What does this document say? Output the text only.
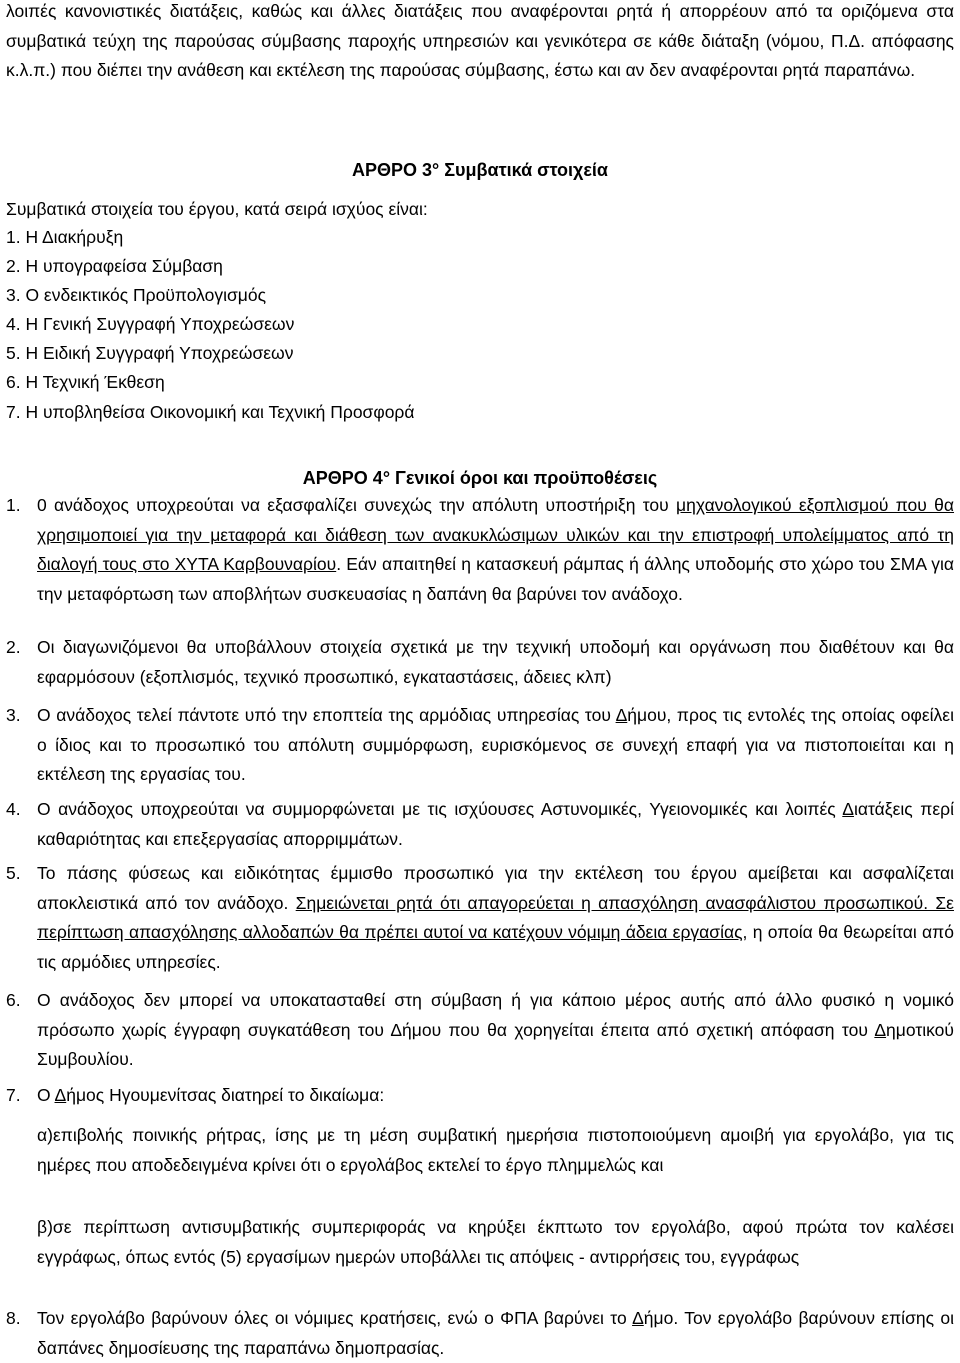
λοιπές κανονιστικές διατάξεις, καθώς και άλλες διατάξεις που αναφέρονται ρητά ή απορρέουν από τα οριζόμενα στα συμβατικά τεύχη της παρούσας σύμβασης παροχής υπηρεσιών και γενικότερα σε κάθε διάταξη (νόμου, Π.Δ. απόφασης κ.λ.π.) που διέπει την ανάθεση και εκτέλεση της παρούσας σύμβασης, έστω και αν δεν αναφέρονται ρητά παραπάνω.

ΑΡΘΡΟ 3° Συμβατικά στοιχεία

Συμβατικά στοιχεία του έργου, κατά σειρά ισχύος είναι:

1. Η Διακήρυξη
2. Η υπογραφείσα Σύμβαση
3. Ο ενδεικτικός Προϋπολογισμός
4. Η Γενική Συγγραφή Υποχρεώσεων
5. Η Ειδική Συγγραφή Υποχρεώσεων
6. Η Τεχνική Έκθεση
7. Η υποβληθείσα Οικονομική και Τεχνική Προσφορά
ΑΡΘΡΟ 4° Γενικοί όροι και προϋποθέσεις
1. 0 ανάδοχος υποχρεούται να εξασφαλίζει συνεχώς την απόλυτη υποστήριξη του μηχανολογικού εξοπλισμού που θα χρησιμοποιεί για την μεταφορά και διάθεση των ανακυκλώσιμων υλικών και την επιστροφή υπολείμματος από τη διαλογή τους στο ΧΥΤΑ Καρβουναρίου. Εάν απαιτηθεί η κατασκευή ράμπας ή άλλης υποδομής στο χώρο του ΣΜΑ για την μεταφόρτωση των αποβλήτων συσκευασίας η δαπάνη θα βαρύνει τον ανάδοχο.
2. Οι διαγωνιζόμενοι θα υποβάλλουν στοιχεία σχετικά με την τεχνική υποδομή και οργάνωση που διαθέτουν και θα εφαρμόσουν (εξοπλισμός, τεχνικό προσωπικό, εγκαταστάσεις, άδειες κλπ)
3. Ο ανάδοχος τελεί πάντοτε υπό την εποπτεία της αρμόδιας υπηρεσίας του Δήμου, προς τις εντολές της οποίας οφείλει ο ίδιος και το προσωπικό του απόλυτη συμμόρφωση, ευρισκόμενος σε συνεχή επαφή για να πιστοποιείται και η εκτέλεση της εργασίας του.
4. Ο ανάδοχος υποχρεούται να συμμορφώνεται με τις ισχύουσες Αστυνομικές, Υγειονομικές και λοιπές Διατάξεις περί καθαριότητας και επεξεργασίας απορριμμάτων.
5. Το πάσης φύσεως και ειδικότητας έμμισθο προσωπικό για την εκτέλεση του έργου αμείβεται και ασφαλίζεται αποκλειστικά από τον ανάδοχο. Σημειώνεται ρητά ότι απαγορεύεται η απασχόληση ανασφάλιστου προσωπικού. Σε περίπτωση απασχόλησης αλλοδαπών θα πρέπει αυτοί να κατέχουν νόμιμη άδεια εργασίας, η οποία θα θεωρείται από τις αρμόδιες υπηρεσίες.
6. Ο ανάδοχος δεν μπορεί να υποκατασταθεί στη σύμβαση ή για κάποιο μέρος αυτής από άλλο φυσικό η νομικό πρόσωπο χωρίς έγγραφη συγκατάθεση του Δήμου που θα χορηγείται έπειτα από σχετική απόφαση του Δημοτικού Συμβουλίου.
7. Ο Δήμος Ηγουμενίτσας διατηρεί το δικαίωμα:

α)επιβολής ποινικής ρήτρας, ίσης με τη μέση συμβατική ημερήσια πιστοποιούμενη αμοιβή για εργολάβο, για τις ημέρες που αποδεδειγμένα κρίνει ότι ο εργολάβος εκτελεί το έργο πλημμελώς και

β)σε περίπτωση αντισυμβατικής συμπεριφοράς να κηρύξει έκπτωτο τον εργολάβο, αφού πρώτα τον καλέσει εγγράφως, όπως εντός (5) εργασίμων ημερών υποβάλλει τις απόψεις - αντιρρήσεις του, εγγράφως

8. Τον εργολάβο βαρύνουν όλες οι νόμιμες κρατήσεις, ενώ ο ΦΠΑ βαρύνει το Δήμο. Τον εργολάβο βαρύνουν επίσης οι δαπάνες δημοσίευσης της παραπάνω δημοπρασίας.
